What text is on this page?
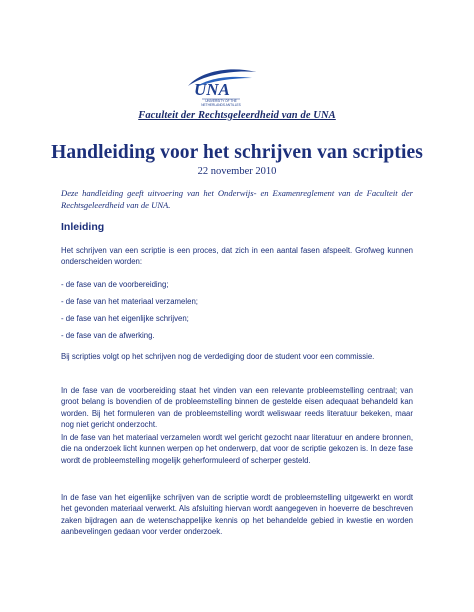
UNA
UNIVERSITY OF THE
NETHERLANDS ANTILLES
Faculteit der Rechtsgeleerdheid van de UNA
Handleiding voor het schrijven van scripties
22 november 2010
Deze handleiding geeft uitvoering van het Onderwijs- en Examenreglement van de Faculteit der Rechtsgeleerdheid van de UNA.
Inleiding
Het schrijven van een scriptie is een proces, dat zich in een aantal fasen afspeelt. Grofweg kunnen onderscheiden worden:
- de fase van de voorbereiding;
- de fase van het materiaal verzamelen;
- de fase van het eigenlijke schrijven;
- de fase van de afwerking.
Bij scripties volgt op het schrijven nog de verdediging door de student voor een commissie.
In de fase van de voorbereiding staat het vinden van een relevante probleemstelling centraal; van groot belang is bovendien of de probleemstelling binnen de gestelde eisen adequaat behandeld kan worden. Bij het formuleren van de probleemstelling wordt weliswaar reeds literatuur bekeken, maar nog niet gericht onderzocht.
In de fase van het materiaal verzamelen wordt wel gericht gezocht naar literatuur en andere bronnen, die na onderzoek licht kunnen werpen op het onderwerp, dat voor de scriptie gekozen is. In deze fase wordt de probleemstelling mogelijk geherformuleerd of scherper gesteld.
In de fase van het eigenlijke schrijven van de scriptie wordt de probleemstelling uitgewerkt en wordt het gevonden materiaal verwerkt. Als afsluiting hiervan wordt aangegeven in hoeverre de beschreven zaken bijdragen aan de wetenschappelijke kennis op het behandelde gebied in kwestie en worden aanbevelingen gedaan voor verder onderzoek.
